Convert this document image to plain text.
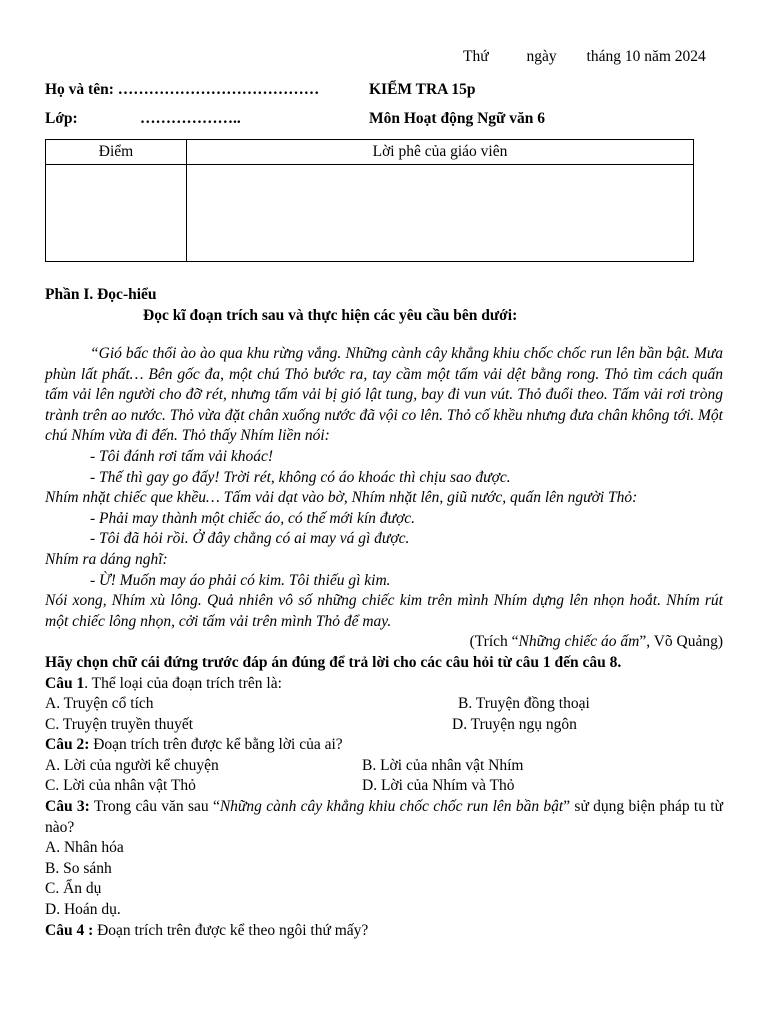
Thứ ngày tháng 10 năm 2024
Họ và tên: …………………………………	KIỂM TRA 15p
Lớp:	………………..	Môn Hoạt động Ngữ văn 6
Điểm	Lời phê của giáo viên

Phần I. Đọc-hiểu
Đọc kĩ đoạn trích sau và thực hiện các yêu cầu bên dưới:

“Gió bấc thổi ào ào qua khu rừng vắng. Những cành cây khẳng khiu chốc chốc run lên bần bật. Mưa phùn lất phất… Bên gốc đa, một chú Thỏ bước ra, tay cầm một tấm vải dệt bằng rong. Thỏ tìm cách quấn tấm vải lên người cho đỡ rét, nhưng tấm vải bị gió lật tung, bay đi vun vút. Thỏ đuổi theo. Tấm vải rơi tròng trành trên ao nước. Thỏ vừa đặt chân xuống nước đã vội co lên. Thỏ cố khều nhưng đưa chân không tới. Một chú Nhím vừa đi đến. Thỏ thấy Nhím liền nói:

- Tôi đánh rơi tấm vải khoác!

- Thế thì gay go đấy! Trời rét, không có áo khoác thì chịu sao được.

Nhím nhặt chiếc que khều… Tấm vải dạt vào bờ, Nhím nhặt lên, giũ nước, quấn lên người Thỏ:

- Phải may thành một chiếc áo, có thế mới kín được.

- Tôi đã hỏi rồi. Ở đây chẳng có ai may vá gì được.

Nhím ra dáng nghĩ:

- Ừ! Muốn may áo phải có kim. Tôi thiếu gì kim.

Nói xong, Nhím xù lông. Quả nhiên vô số những chiếc kim trên mình Nhím dựng lên nhọn hoắt. Nhím rút một chiếc lông nhọn, cởi tấm vải trên mình Thỏ để may.

(Trích “Những chiếc áo ấm”, Võ Quảng)

Hãy chọn chữ cái đứng trước đáp án đúng để trả lời cho các câu hỏi từ câu 1 đến câu 8.

Câu 1. Thể loại của đoạn trích trên là:

A. Truyện cổ tích	B. Truyện đồng thoại
C. Truyện truyền thuyết	D. Truyện ngụ ngôn

Câu 2: Đoạn trích trên được kể bằng lời của ai?

A. Lời của người kể chuyện	B. Lời của nhân vật Nhím
C. Lời của nhân vật Thỏ	D. Lời của Nhím và Thỏ

Câu 3: Trong câu văn sau “Những cành cây khẳng khiu chốc chốc run lên bần bật” sử dụng biện pháp tu từ nào?

A. Nhân hóa

B. So sánh

C. Ẩn dụ

D. Hoán dụ.

Câu 4 : Đoạn trích trên được kể theo ngôi thứ mấy?
